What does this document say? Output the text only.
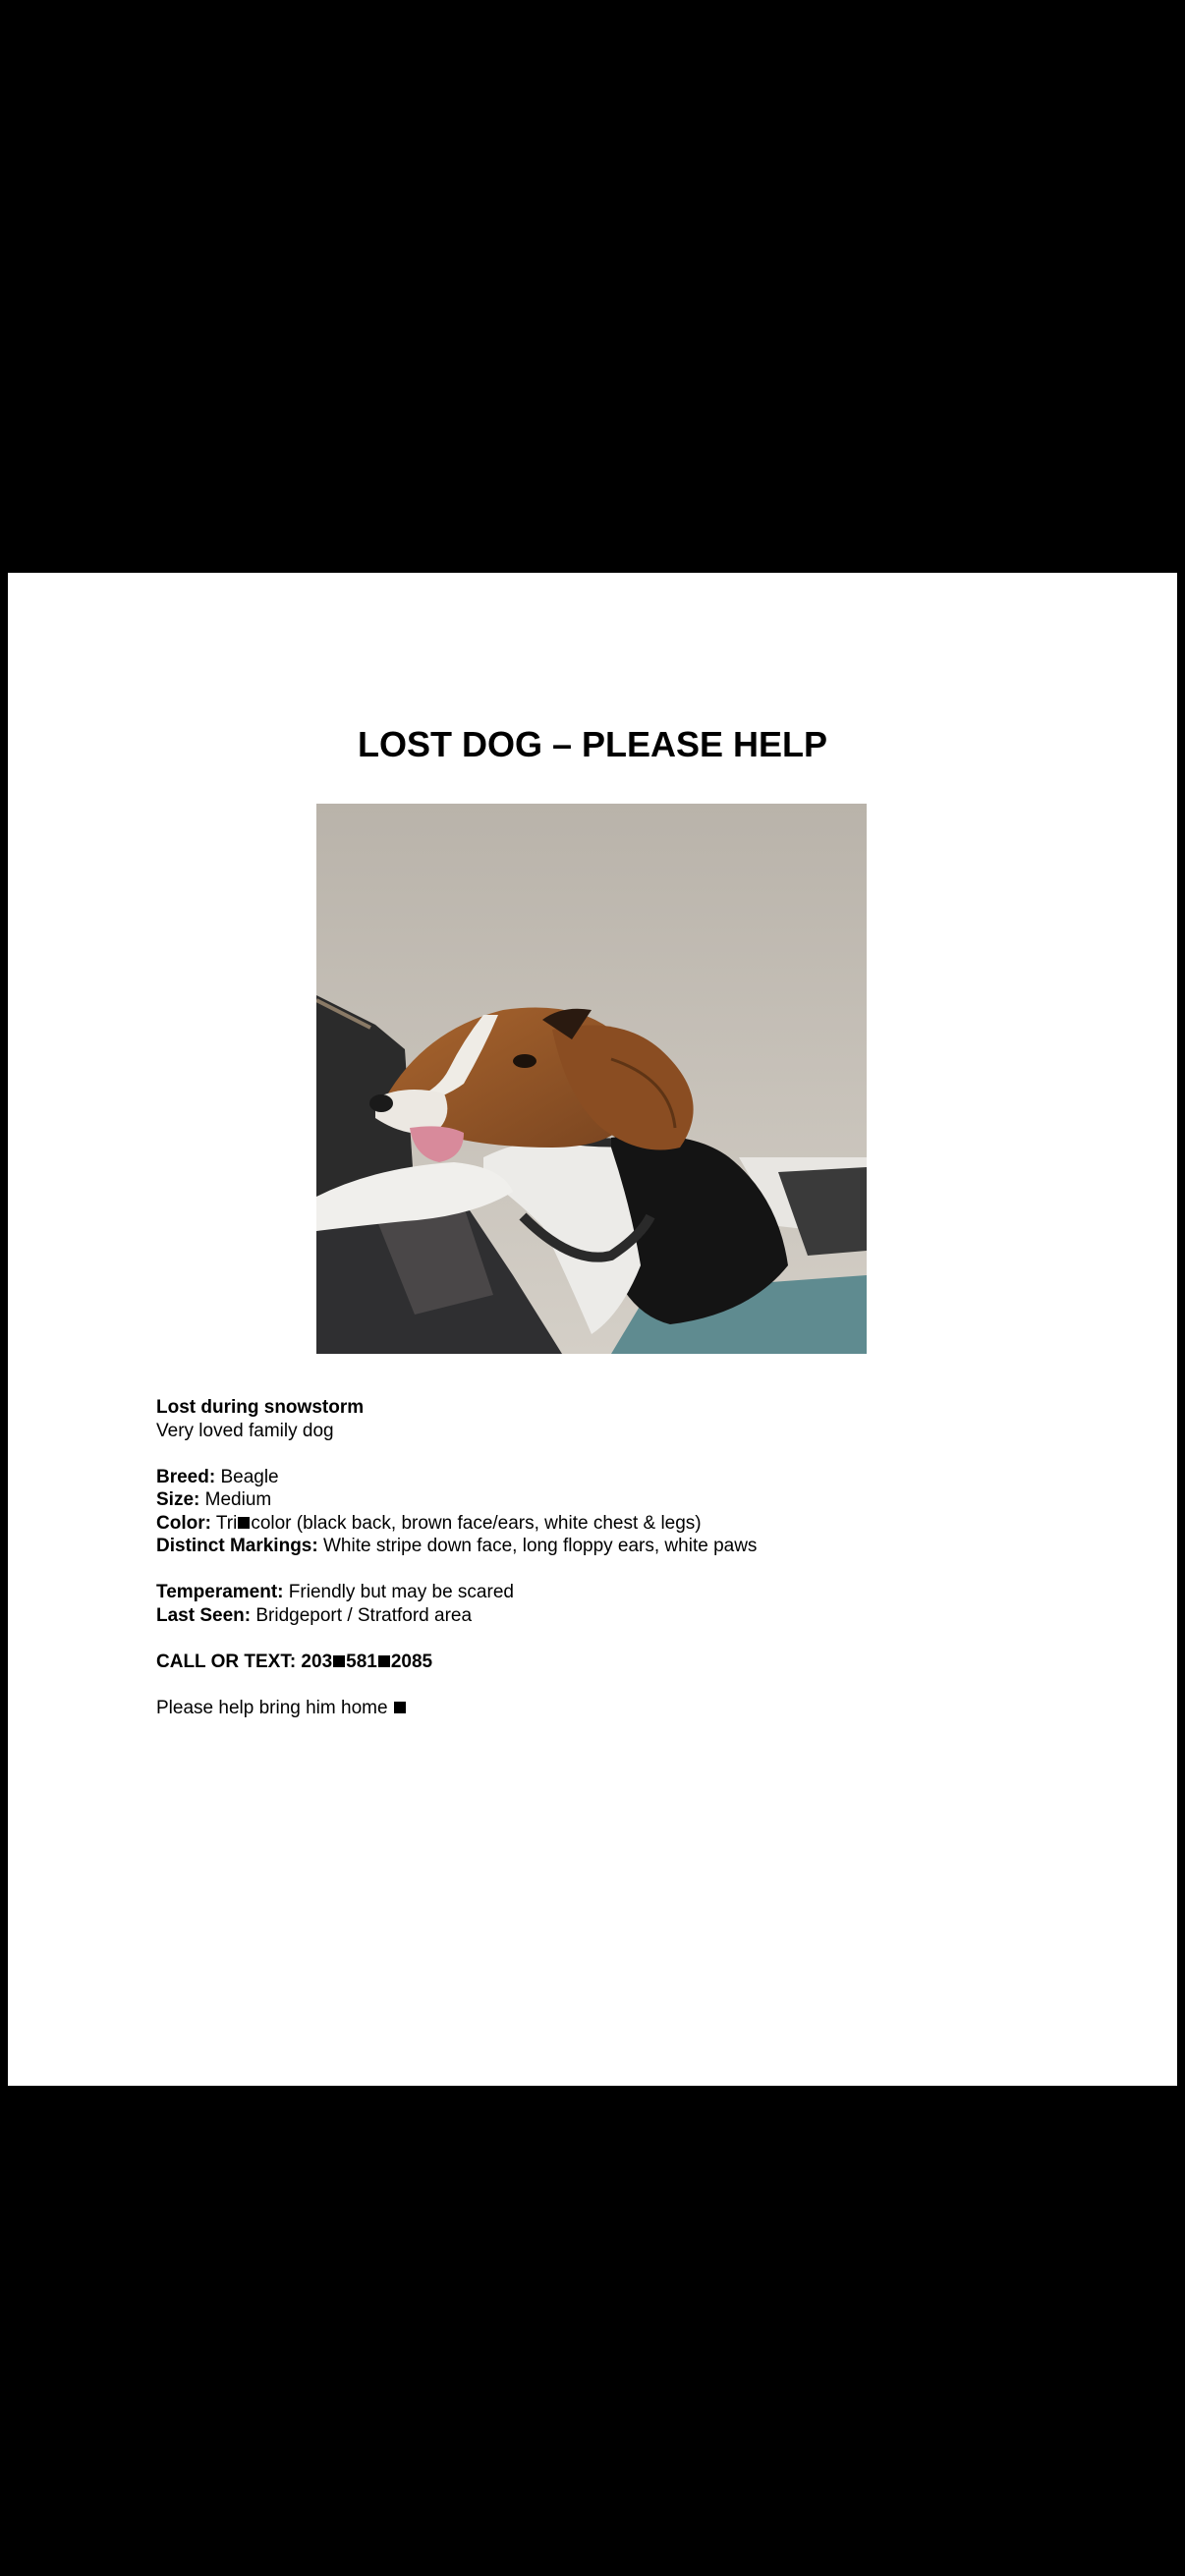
LOST DOG – PLEASE HELP
Lost during snowstorm
Very loved family dog
Breed: Beagle
Size: Medium
Color: Tri color (black back, brown face/ears, white chest & legs)
Distinct Markings: White stripe down face, long floppy ears, white paws
Temperament: Friendly but may be scared
Last Seen: Bridgeport / Stratford area
CALL OR TEXT: 203 581 2085
Please help bring him home
